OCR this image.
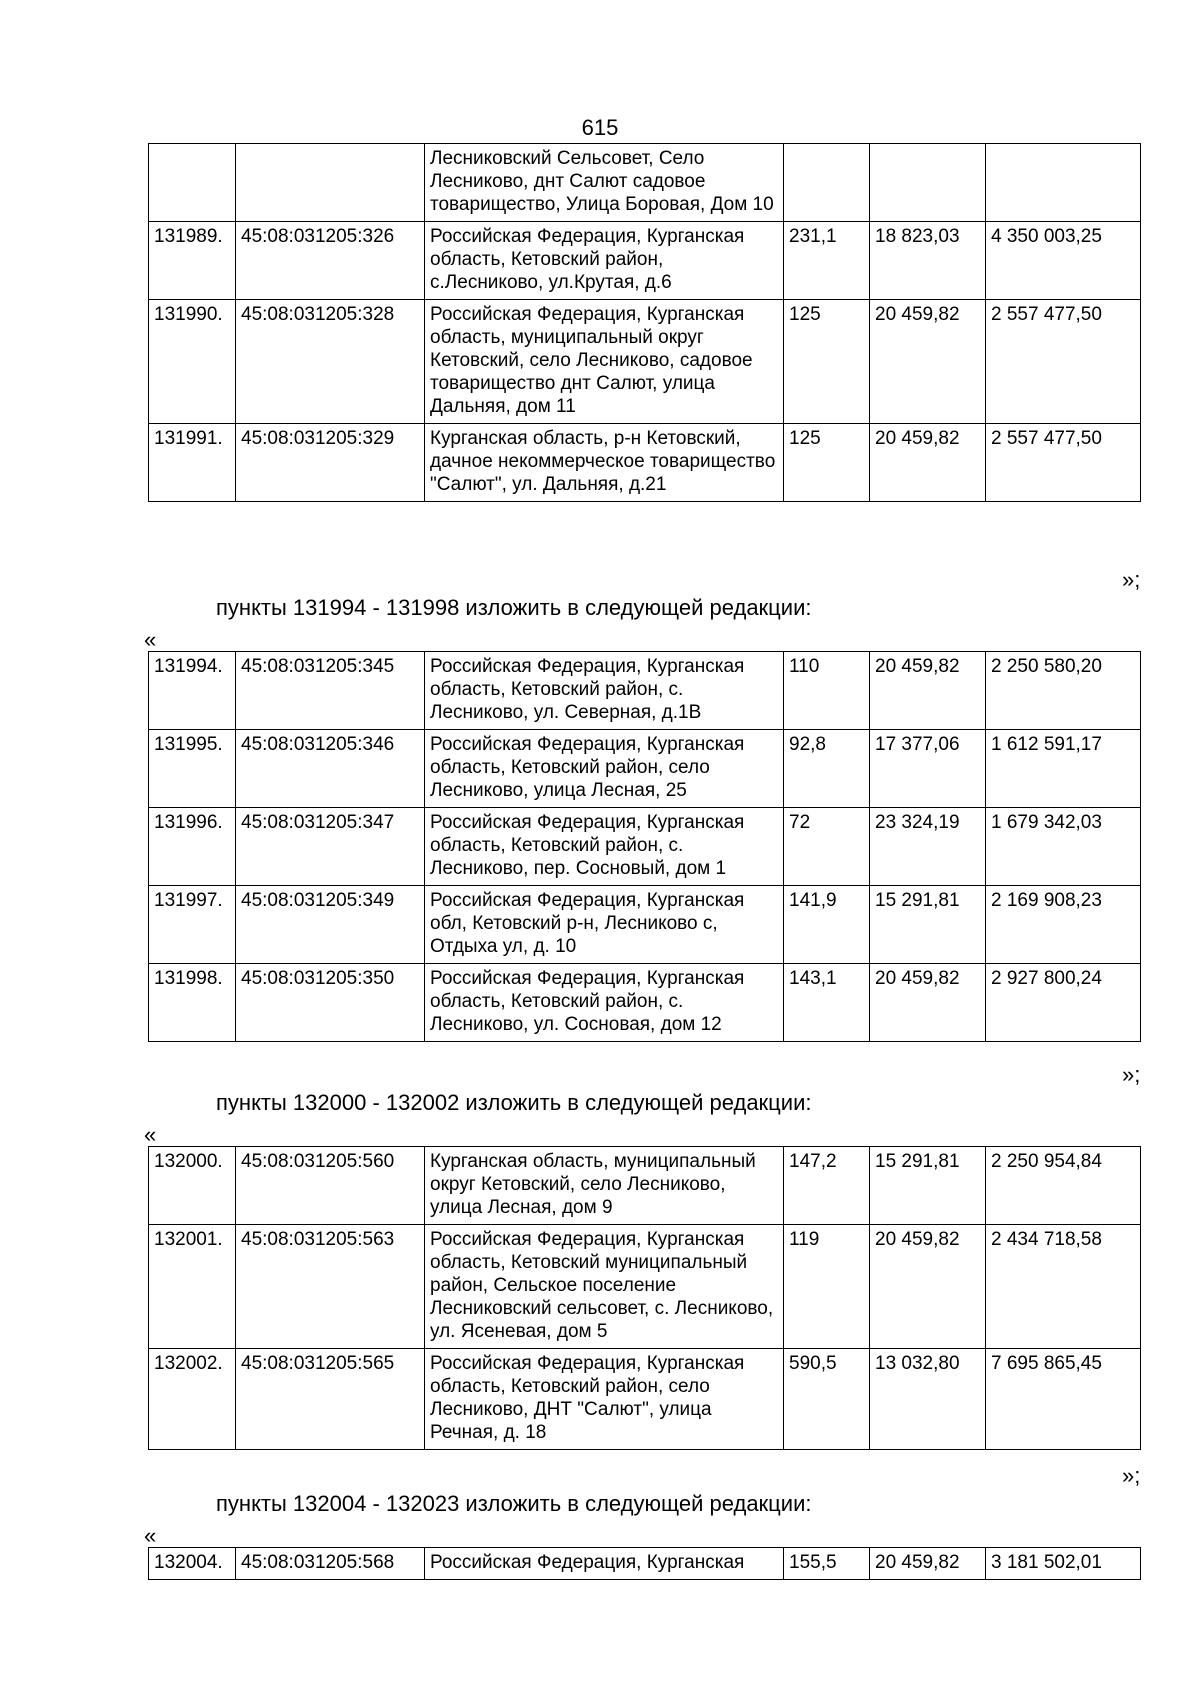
615
		Лесниковский Сельсовет, Село Лесниково, днт Салют садовое товарищество, Улица Боровая, Дом 10			
131989.	45:08:031205:326	Российская Федерация, Курганская область, Кетовский район, с.Лесниково, ул.Крутая, д.6	231,1	18 823,03	4 350 003,25
131990.	45:08:031205:328	Российская Федерация, Курганская область, муниципальный округ Кетовский, село Лесниково, садовое товарищество днт Салют, улица Дальняя, дом 11	125	20 459,82	2 557 477,50
131991.	45:08:031205:329	Курганская область, р-н Кетовский, дачное некоммерческое товарищество "Салют", ул. Дальняя, д.21	125	20 459,82	2 557 477,50
»;
пункты 131994 - 131998 изложить в следующей редакции:
«
131994.	45:08:031205:345	Российская Федерация, Курганская область, Кетовский район, с. Лесниково, ул. Северная, д.1В	110	20 459,82	2 250 580,20
131995.	45:08:031205:346	Российская Федерация, Курганская область, Кетовский район, село Лесниково, улица Лесная, 25	92,8	17 377,06	1 612 591,17
131996.	45:08:031205:347	Российская Федерация, Курганская область, Кетовский район, с. Лесниково, пер. Сосновый, дом 1	72	23 324,19	1 679 342,03
131997.	45:08:031205:349	Российская Федерация, Курганская обл, Кетовский р-н, Лесниково с, Отдыха ул, д. 10	141,9	15 291,81	2 169 908,23
131998.	45:08:031205:350	Российская Федерация, Курганская область, Кетовский район, с. Лесниково, ул. Сосновая, дом 12	143,1	20 459,82	2 927 800,24
»;
пункты 132000 - 132002 изложить в следующей редакции:
«
132000.	45:08:031205:560	Курганская область, муниципальный округ Кетовский, село Лесниково, улица Лесная, дом 9	147,2	15 291,81	2 250 954,84
132001.	45:08:031205:563	Российская Федерация, Курганская область, Кетовский муниципальный район, Сельское поселение Лесниковский сельсовет, с. Лесниково, ул. Ясеневая, дом 5	119	20 459,82	2 434 718,58
132002.	45:08:031205:565	Российская Федерация, Курганская область, Кетовский район, село Лесниково, ДНТ "Салют", улица Речная, д. 18	590,5	13 032,80	7 695 865,45
»;
пункты 132004 - 132023 изложить в следующей редакции:
«
132004.	45:08:031205:568	Российская Федерация, Курганская	155,5	20 459,82	3 181 502,01
